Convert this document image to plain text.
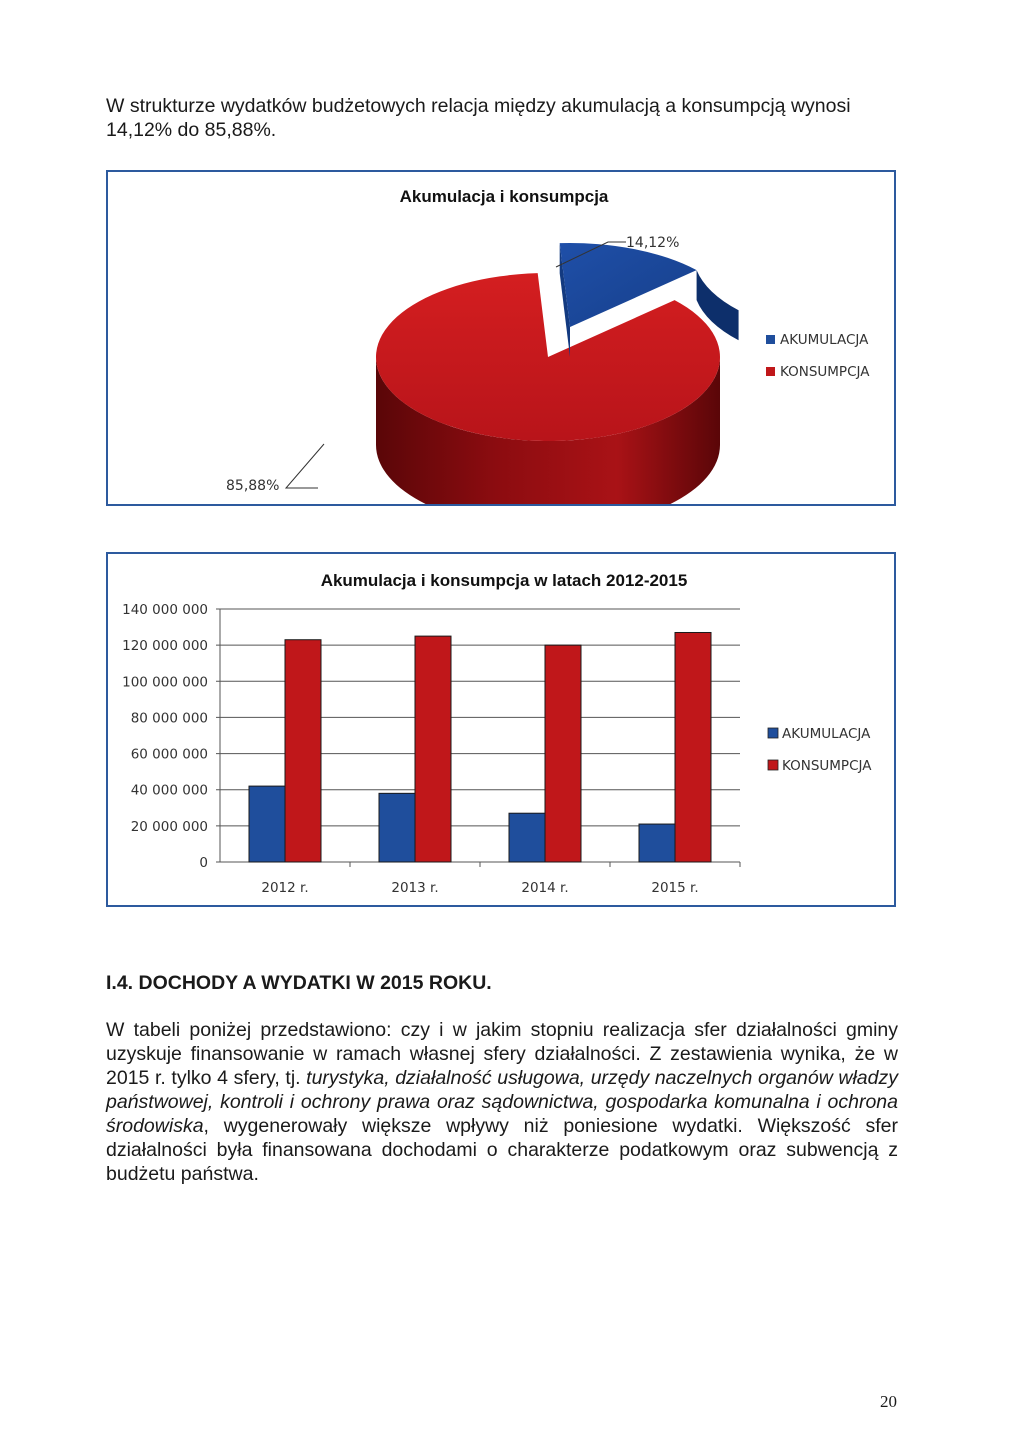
W strukturze wydatków budżetowych relacja między akumulacją a konsumpcją wynosi
14,12% do 85,88%.

Akumulacja i konsumpcja
14,12%
85,88%
AKUMULACJA
KONSUMPCJA
Akumulacja i konsumpcja w latach 2012-2015
0
20 000 000
40 000 000
60 000 000
80 000 000
100 000 000
120 000 000
140 000 000
2012 r.	2013 r.	2014 r.	2015 r.
AKUMULACJA
KONSUMPCJA
I.4. DOCHODY A WYDATKI W 2015 ROKU.

W tabeli poniżej przedstawiono: czy i w jakim stopniu realizacja sfer działalności gminy uzyskuje finansowanie w ramach własnej sfery działalności. Z zestawienia wynika, że w 2015 r. tylko 4 sfery, tj. turystyka, działalność usługowa, urzędy naczelnych organów władzy państwowej, kontroli i ochrony prawa oraz sądownictwa, gospodarka komunalna i ochrona środowiska, wygenerowały większe wpływy niż poniesione wydatki. Większość sfer działalności była finansowana dochodami o charakterze podatkowym oraz subwencją z budżetu państwa.

20
